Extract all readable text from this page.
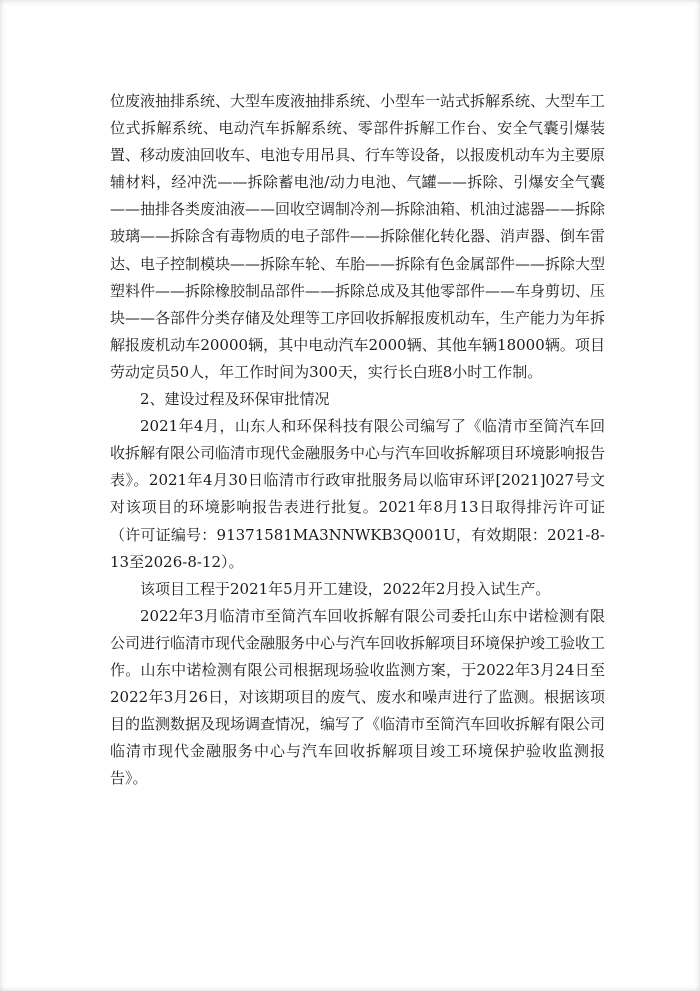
位废液抽排系统、大型车废液抽排系统、小型车一站式拆解系统、大型车工位式拆解系统、电动汽车拆解系统、零部件拆解工作台、安全气囊引爆装置、移动废油回收车、电池专用吊具、行车等设备，以报废机动车为主要原辅材料，经冲洗——拆除蓄电池/动力电池、气罐——拆除、引爆安全气囊——抽排各类废油液——回收空调制冷剂—拆除油箱、机油过滤器——拆除玻璃——拆除含有毒物质的电子部件——拆除催化转化器、消声器、倒车雷达、电子控制模块——拆除车轮、车胎——拆除有色金属部件——拆除大型塑料件——拆除橡胶制品部件——拆除总成及其他零部件——车身剪切、压块——各部件分类存储及处理等工序回收拆解报废机动车，生产能力为年拆解报废机动车20000辆，其中电动汽车2000辆、其他车辆18000辆。项目劳动定员50人，年工作时间为300天，实行长白班8小时工作制。

2、建设过程及环保审批情况

2021年4月，山东人和环保科技有限公司编写了《临清市至简汽车回收拆解有限公司临清市现代金融服务中心与汽车回收拆解项目环境影响报告表》。2021年4月30日临清市行政审批服务局以临审环评[2021]027号文对该项目的环境影响报告表进行批复。2021年8月13日取得排污许可证（许可证编号：91371581MA3NNWKB3Q001U，有效期限：2021-8-13至2026-8-12）。

该项目工程于2021年5月开工建设，2022年2月投入试生产。

2022年3月临清市至简汽车回收拆解有限公司委托山东中诺检测有限公司进行临清市现代金融服务中心与汽车回收拆解项目环境保护竣工验收工作。山东中诺检测有限公司根据现场验收监测方案，于2022年3月24日至2022年3月26日，对该期项目的废气、废水和噪声进行了监测。根据该项目的监测数据及现场调查情况，编写了《临清市至简汽车回收拆解有限公司临清市现代金融服务中心与汽车回收拆解项目竣工环境保护验收监测报告》。
